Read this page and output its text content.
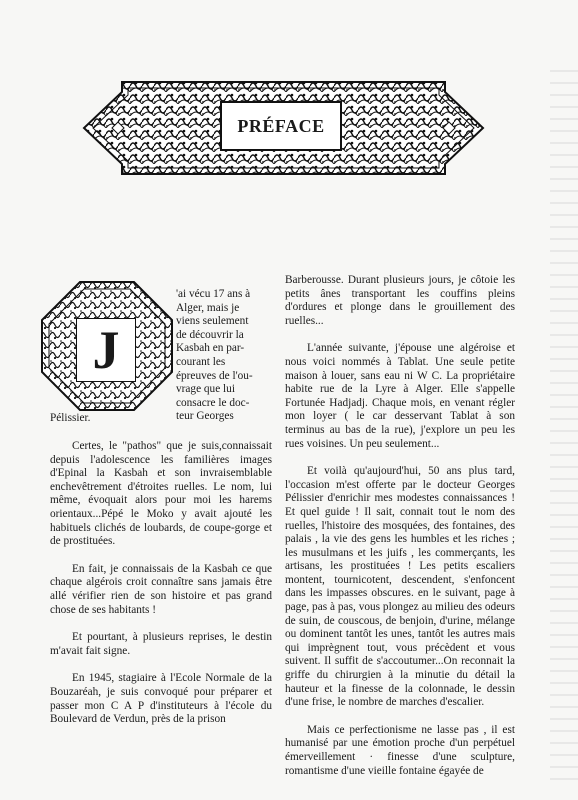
PRÉFACE
J
'ai vécu 17 ans à
Alger, mais je
viens seulement
de découvrir la
Kasbah en par-
courant les
épreuves de l'ou-
vrage que lui
consacre le doc-
teur Georges
Pélissier.

Certes, le "pathos" que je suis,connaissait depuis l'adolescence les familières images d'Epinal la Kasbah et son invraisemblable enchevêtrement d'étroites ruelles. Le nom, lui même, évoquait alors pour moi les harems orientaux...Pépé le Moko y avait ajouté les habituels clichés de loubards, de coupe-gorge et de prostituées.

En fait, je connaissais de la Kasbah ce que chaque algérois croit connaître sans jamais être allé vérifier rien de son histoire et pas grand chose de ses habitants !

Et pourtant, à plusieurs reprises, le destin m'avait fait signe.

En 1945, stagiaire à l'Ecole Normale de la Bouzaréah, je suis convoqué pour préparer et passer mon C A P d'instituteurs à l'école du Boulevard de Verdun, près de la prison

Barberousse. Durant plusieurs jours, je côtoie les petits ânes transportant les couffins pleins d'ordures et plonge dans le grouillement des ruelles...

L'année suivante, j'épouse une algéroise et nous voici nommés à Tablat. Une seule petite maison à louer, sans eau ni W C. La propriétaire habite rue de la Lyre à Alger. Elle s'appelle Fortunée Hadjadj. Chaque mois, en venant régler mon loyer ( le car desservant Tablat à son terminus au bas de la rue), j'explore un peu les rues voisines. Un peu seulement...

Et voilà qu'aujourd'hui, 50 ans plus tard, l'occasion m'est offerte par le docteur Georges Pélissier d'enrichir mes modestes connaissances ! Et quel guide ! Il sait, connait tout le nom des ruelles, l'histoire des mosquées, des fontaines, des palais , la vie des gens les humbles et les riches ; les musulmans et les juifs , les commerçants, les artisans, les prostituées ! Les petits escaliers montent, tournicotent, descendent, s'enfoncent dans les impasses obscures. en le suivant, page à page, pas à pas, vous plongez au milieu des odeurs de suin, de couscous, de benjoin, d'urine, mélange ou dominent tantôt les unes, tantôt les autres mais qui imprègnent tout, vous précèdent et vous suivent. Il suffit de s'accoutumer...On reconnait la griffe du chirurgien à la minutie du détail la hauteur et la finesse de la colonnade, le dessin d'une frise, le nombre de marches d'escalier.

Mais ce perfectionisme ne lasse pas , il est humanisé par une émotion proche d'un perpétuel émerveillement · finesse d'une sculpture, romantisme d'une vieille fontaine égayée de
